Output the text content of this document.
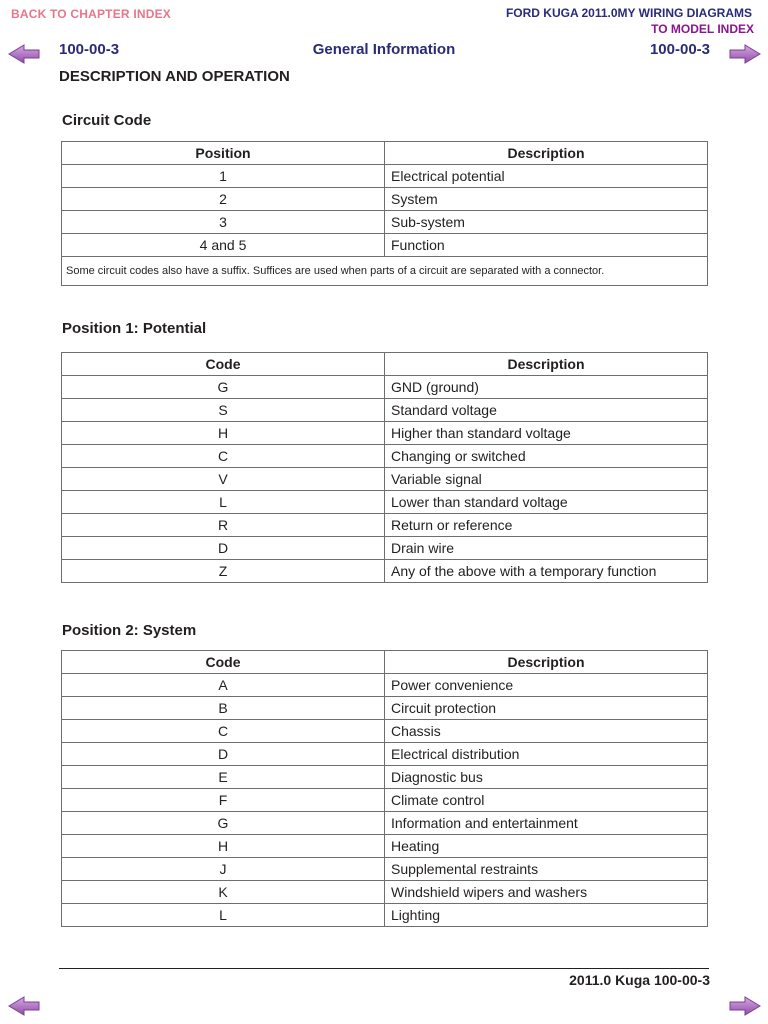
BACK TO CHAPTER INDEX	FORD KUGA 2011.0MY WIRING DIAGRAMS
TO MODEL INDEX
100-00-3	General Information	100-00-3
DESCRIPTION AND OPERATION
Circuit Code
Position	Description
1	Electrical potential
2	System
3	Sub-system
4 and 5	Function
Some circuit codes also have a suffix. Suffices are used when parts of a circuit are separated with a connector.	
Position 1: Potential
Code	Description
G	GND (ground)
S	Standard voltage
H	Higher than standard voltage
C	Changing or switched
V	Variable signal
L	Lower than standard voltage
R	Return or reference
D	Drain wire
Z	Any of the above with a temporary function
Position 2: System
Code	Description
A	Power convenience
B	Circuit protection
C	Chassis
D	Electrical distribution
E	Diagnostic bus
F	Climate control
G	Information and entertainment
H	Heating
J	Supplemental restraints
K	Windshield wipers and washers
L	Lighting
2011.0 Kuga 100-00-3
